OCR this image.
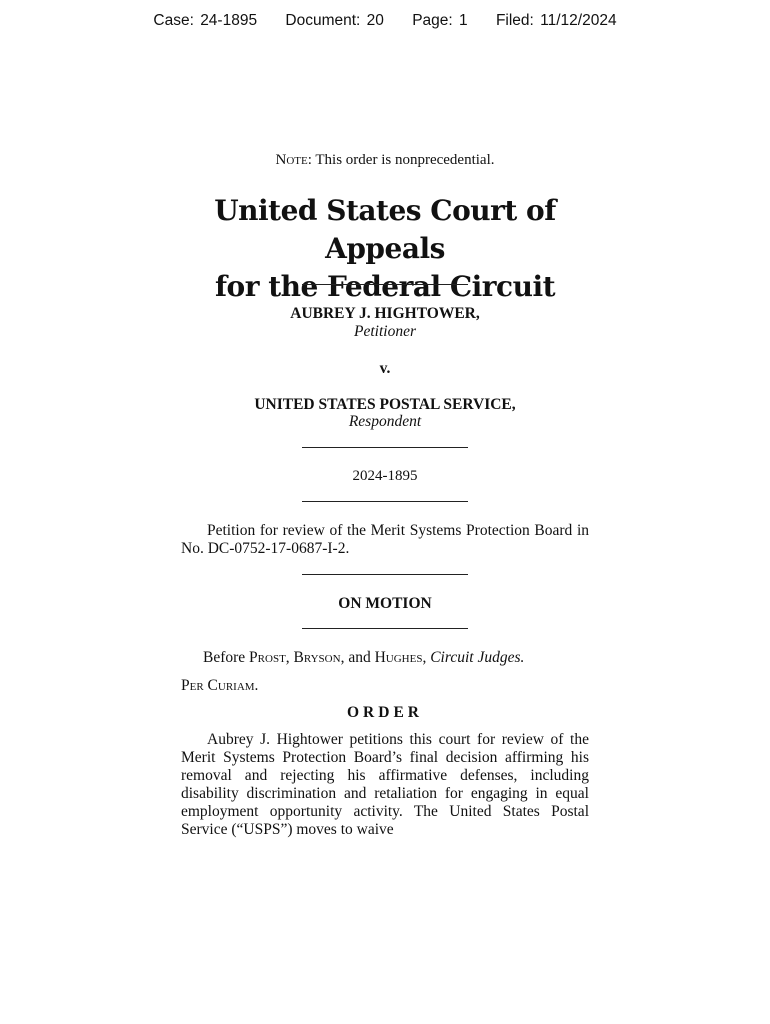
Case: 24-1895 Document: 20 Page: 1 Filed: 11/12/2024
Note: This order is nonprecedential.
United States Court of Appeals
for the Federal Circuit
AUBREY J. HIGHTOWER,
Petitioner
v.
UNITED STATES POSTAL SERVICE,
Respondent
2024-1895
Petition for review of the Merit Systems Protection Board in No. DC-0752-17-0687-I-2.
ON MOTION
Before Prost, Bryson, and Hughes, Circuit Judges.
Per Curiam.
ORDER
Aubrey J. Hightower petitions this court for review of the Merit Systems Protection Board’s final decision affirming his removal and rejecting his affirmative defenses, including disability discrimination and retaliation for engaging in equal employment opportunity activity. The United States Postal Service (“USPS”) moves to waive
